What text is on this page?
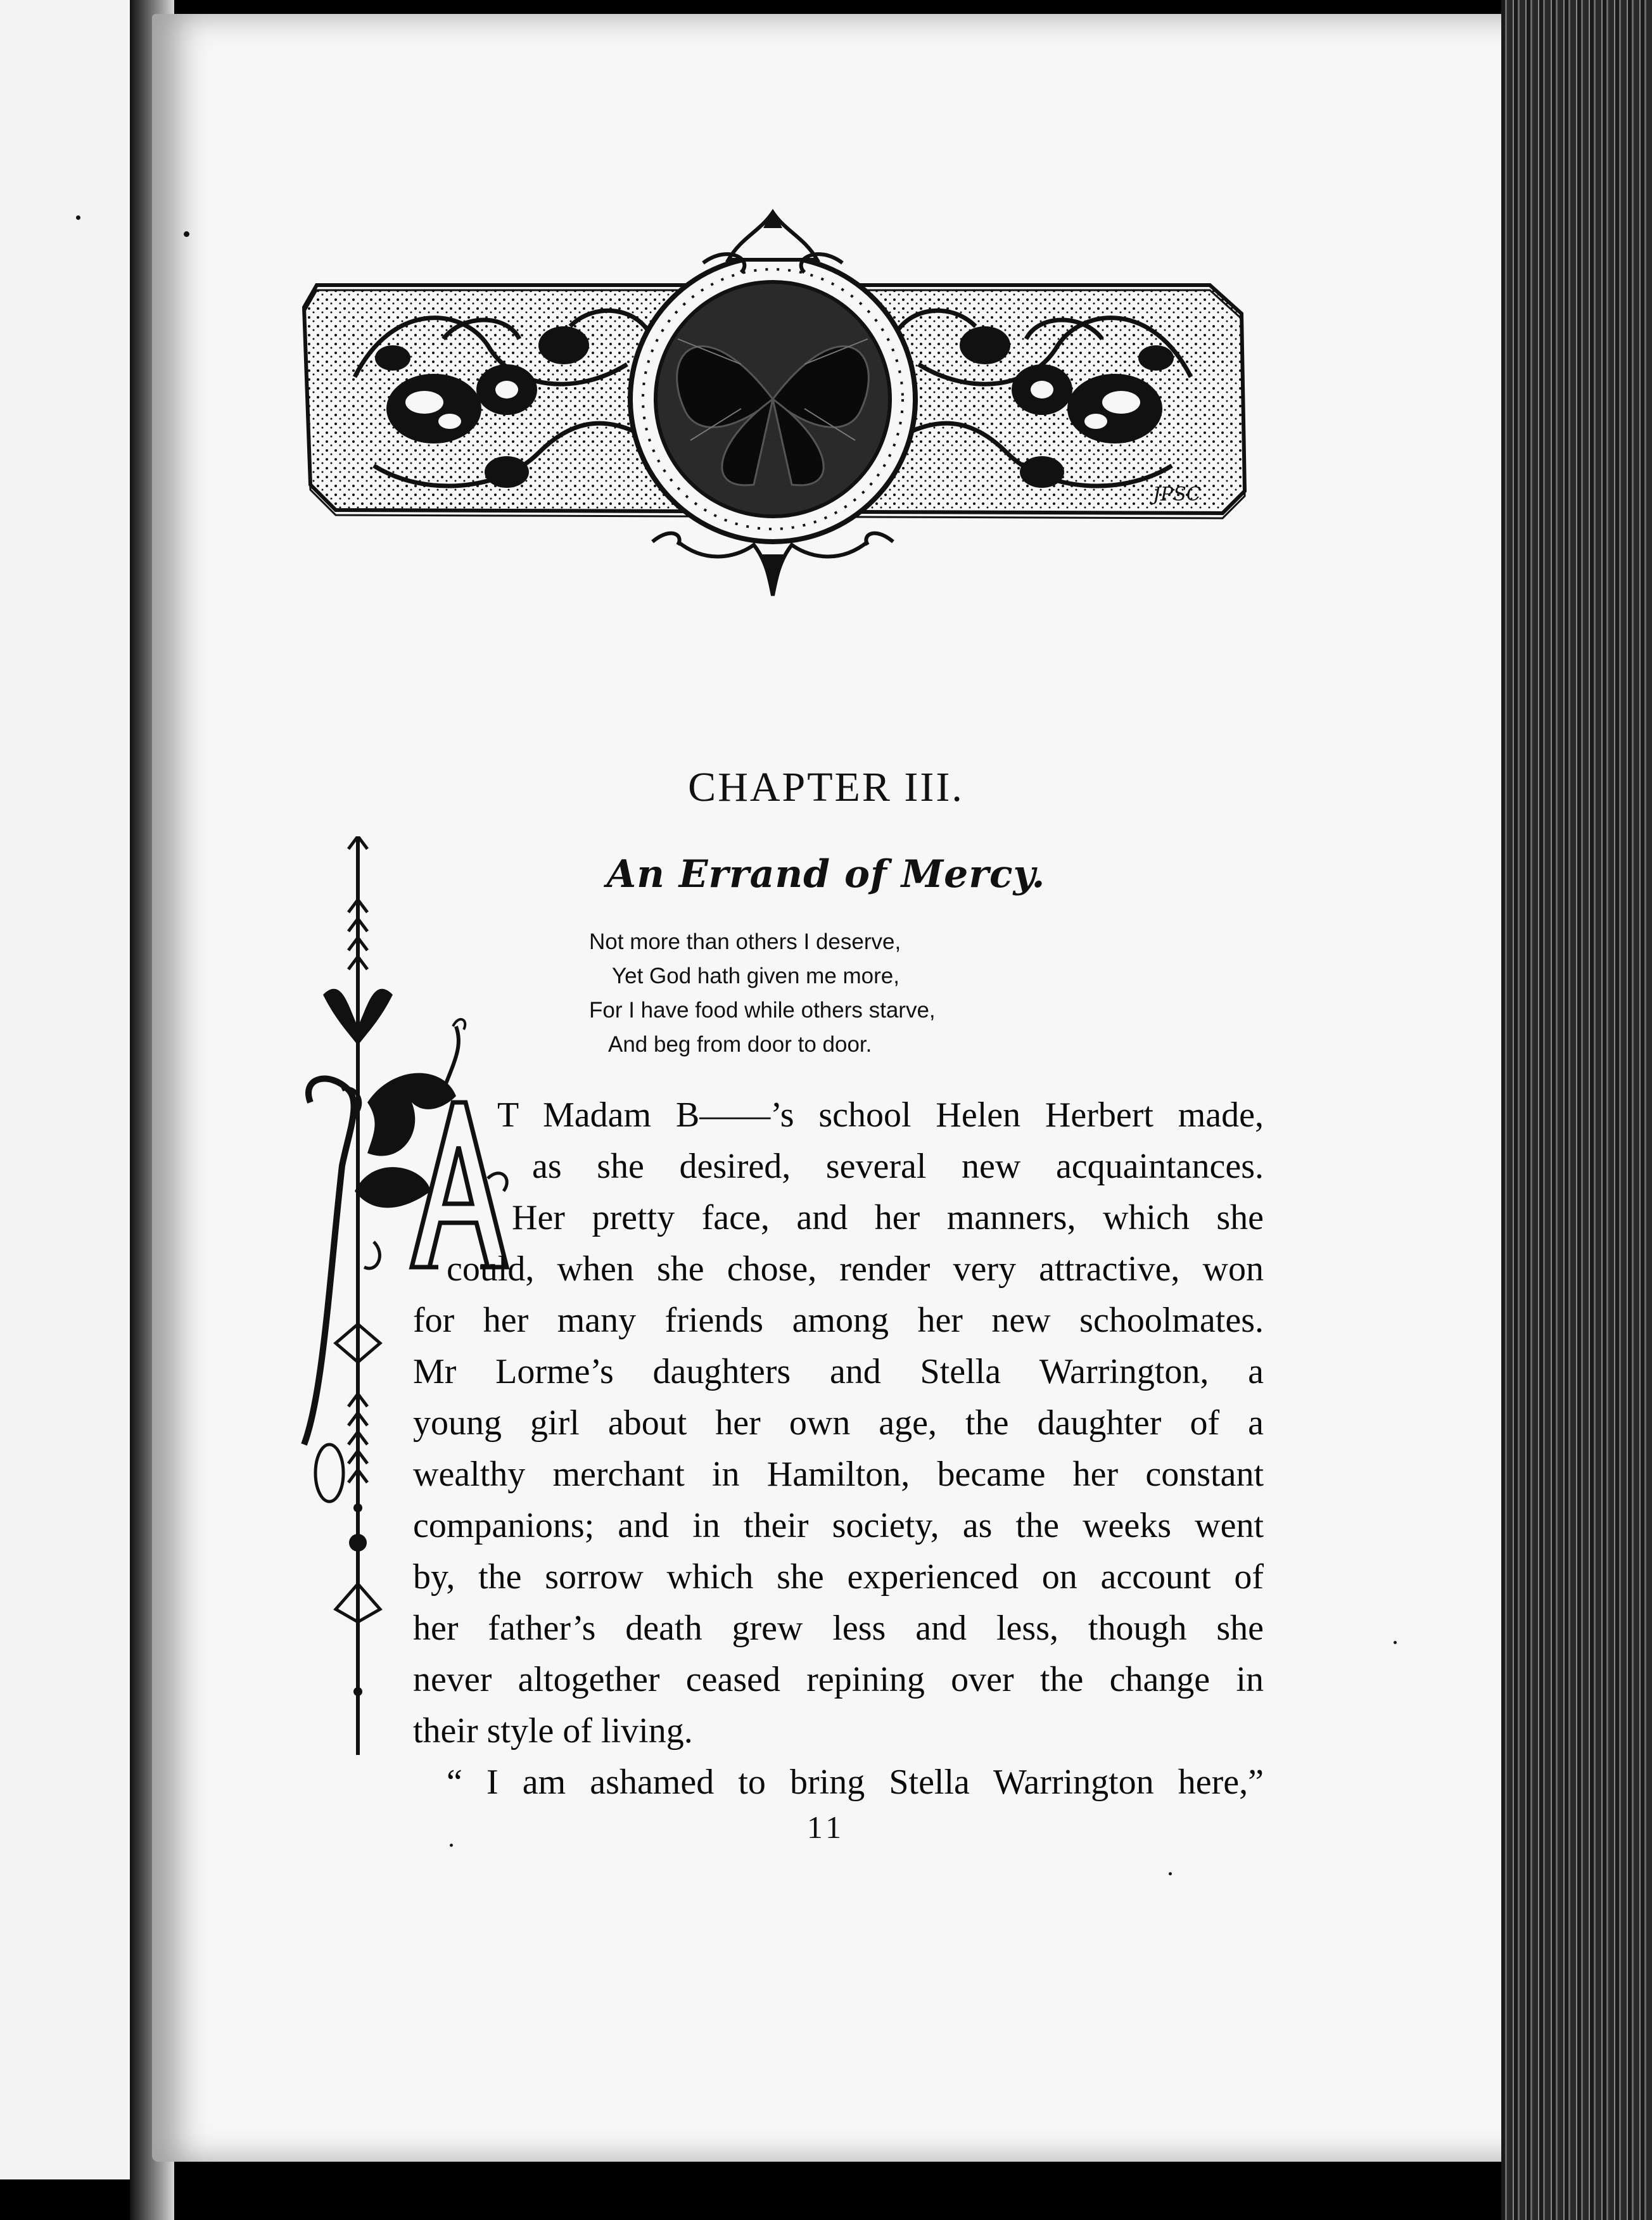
JPSC
CHAPTER III.
An Errand of Mercy.
Not more than others I deserve,
Yet God hath given me more,
For I have food while others starve,
And beg from door to door.
T Madam B——’s school Helen Herbert made,
as she desired, several new acquaintances.
Her pretty face, and her manners, which she
could, when she chose, render very attractive, won
for her many friends among her new schoolmates.
Mr Lorme’s daughters and Stella Warrington, a
young girl about her own age, the daughter of a
wealthy merchant in Hamilton, became her constant
companions; and in their society, as the weeks went
by, the sorrow which she experienced on account of
her father’s death grew less and less, though she
never altogether ceased repining over the change in
their style of living.
“ I am ashamed to bring Stella Warrington here,”
11
